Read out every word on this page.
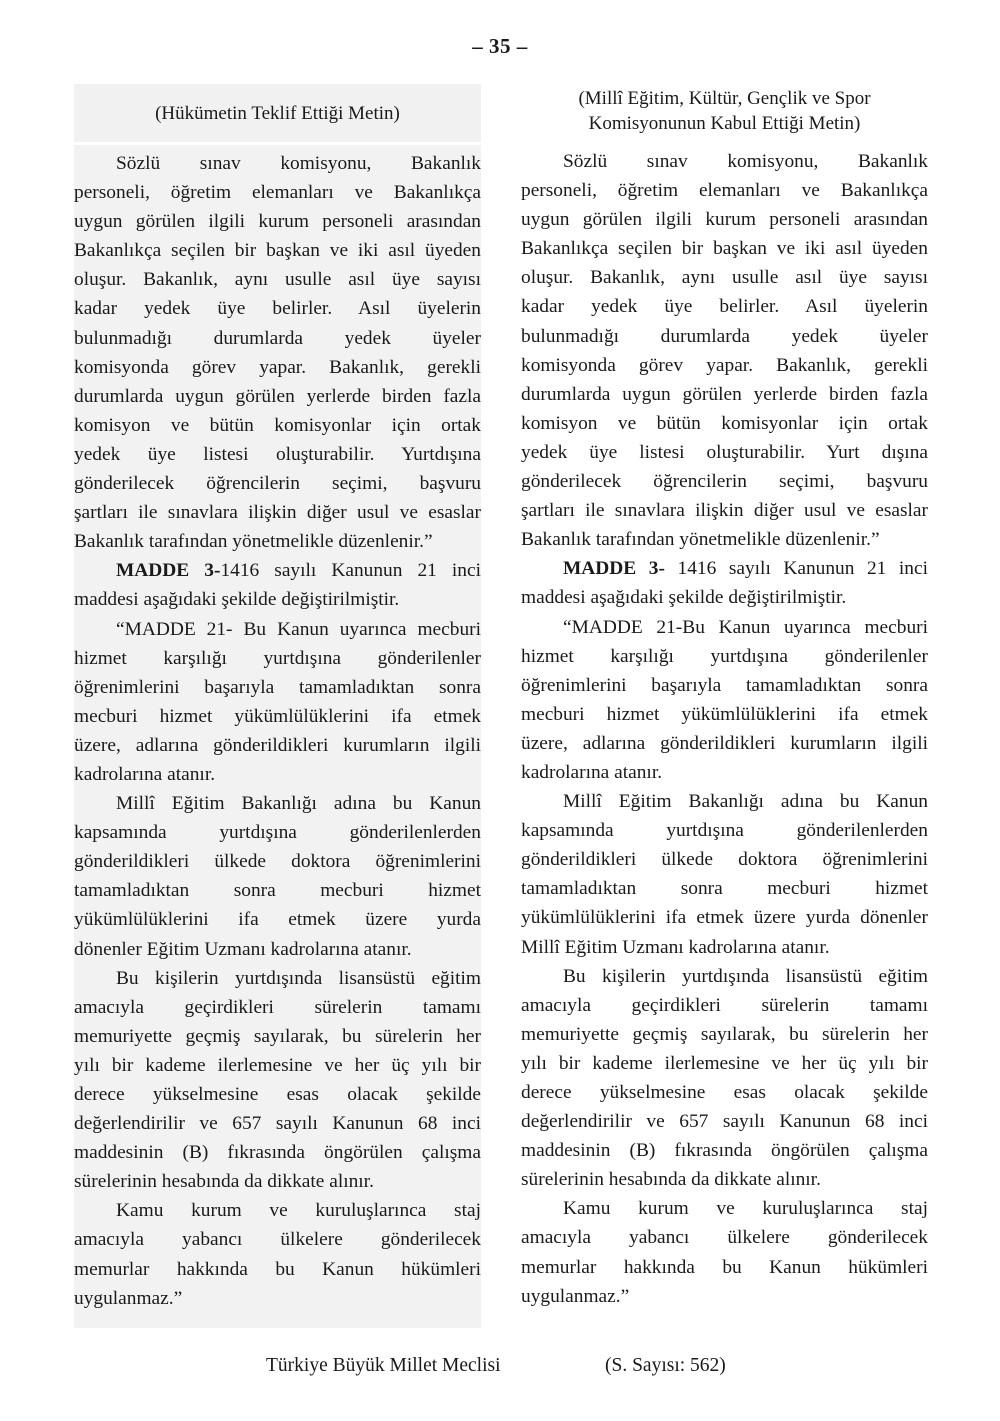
– 35 –
(Hükümetin Teklif Ettiği Metin)
Sözlü sınav komisyonu, Bakanlık
personeli, öğretim elemanları ve Bakanlıkça
uygun görülen ilgili kurum personeli arasından
Bakanlıkça seçilen bir başkan ve iki asıl üyeden
oluşur. Bakanlık, aynı usulle asıl üye sayısı
kadar yedek üye belirler. Asıl üyelerin
bulunmadığı durumlarda yedek üyeler
komisyonda görev yapar. Bakanlık, gerekli
durumlarda uygun görülen yerlerde birden fazla
komisyon ve bütün komisyonlar için ortak
yedek üye listesi oluşturabilir. Yurtdışına
gönderilecek öğrencilerin seçimi, başvuru
şartları ile sınavlara ilişkin diğer usul ve esaslar
Bakanlık tarafından yönetmelikle düzenlenir.”
MADDE 3-1416 sayılı Kanunun 21 inci
maddesi aşağıdaki şekilde değiştirilmiştir.
“MADDE 21- Bu Kanun uyarınca mecburi
hizmet karşılığı yurtdışına gönderilenler
öğrenimlerini başarıyla tamamladıktan sonra
mecburi hizmet yükümlülüklerini ifa etmek
üzere, adlarına gönderildikleri kurumların ilgili
kadrolarına atanır.
Millî Eğitim Bakanlığı adına bu Kanun
kapsamında yurtdışına gönderilenlerden
gönderildikleri ülkede doktora öğrenimlerini
tamamladıktan sonra mecburi hizmet
yükümlülüklerini ifa etmek üzere yurda
dönenler Eğitim Uzmanı kadrolarına atanır.
Bu kişilerin yurtdışında lisansüstü eğitim
amacıyla geçirdikleri sürelerin tamamı
memuriyette geçmiş sayılarak, bu sürelerin her
yılı bir kademe ilerlemesine ve her üç yılı bir
derece yükselmesine esas olacak şekilde
değerlendirilir ve 657 sayılı Kanunun 68 inci
maddesinin (B) fıkrasında öngörülen çalışma
sürelerinin hesabında da dikkate alınır.
Kamu kurum ve kuruluşlarınca staj
amacıyla yabancı ülkelere gönderilecek
memurlar hakkında bu Kanun hükümleri
uygulanmaz.”
(Millî Eğitim, Kültür, Gençlik ve Spor
Komisyonunun Kabul Ettiği Metin)
Sözlü sınav komisyonu, Bakanlık
personeli, öğretim elemanları ve Bakanlıkça
uygun görülen ilgili kurum personeli arasından
Bakanlıkça seçilen bir başkan ve iki asıl üyeden
oluşur. Bakanlık, aynı usulle asıl üye sayısı
kadar yedek üye belirler. Asıl üyelerin
bulunmadığı durumlarda yedek üyeler
komisyonda görev yapar. Bakanlık, gerekli
durumlarda uygun görülen yerlerde birden fazla
komisyon ve bütün komisyonlar için ortak
yedek üye listesi oluşturabilir. Yurt dışına
gönderilecek öğrencilerin seçimi, başvuru
şartları ile sınavlara ilişkin diğer usul ve esaslar
Bakanlık tarafından yönetmelikle düzenlenir.”
MADDE 3- 1416 sayılı Kanunun 21 inci
maddesi aşağıdaki şekilde değiştirilmiştir.
“MADDE 21-Bu Kanun uyarınca mecburi
hizmet karşılığı yurtdışına gönderilenler
öğrenimlerini başarıyla tamamladıktan sonra
mecburi hizmet yükümlülüklerini ifa etmek
üzere, adlarına gönderildikleri kurumların ilgili
kadrolarına atanır.
Millî Eğitim Bakanlığı adına bu Kanun
kapsamında yurtdışına gönderilenlerden
gönderildikleri ülkede doktora öğrenimlerini
tamamladıktan sonra mecburi hizmet
yükümlülüklerini ifa etmek üzere yurda dönenler
Millî Eğitim Uzmanı kadrolarına atanır.
Bu kişilerin yurtdışında lisansüstü eğitim
amacıyla geçirdikleri sürelerin tamamı
memuriyette geçmiş sayılarak, bu sürelerin her
yılı bir kademe ilerlemesine ve her üç yılı bir
derece yükselmesine esas olacak şekilde
değerlendirilir ve 657 sayılı Kanunun 68 inci
maddesinin (B) fıkrasında öngörülen çalışma
sürelerinin hesabında da dikkate alınır.
Kamu kurum ve kuruluşlarınca staj
amacıyla yabancı ülkelere gönderilecek
memurlar hakkında bu Kanun hükümleri
uygulanmaz.”
Türkiye Büyük Millet Meclisi	(S. Sayısı: 562)
